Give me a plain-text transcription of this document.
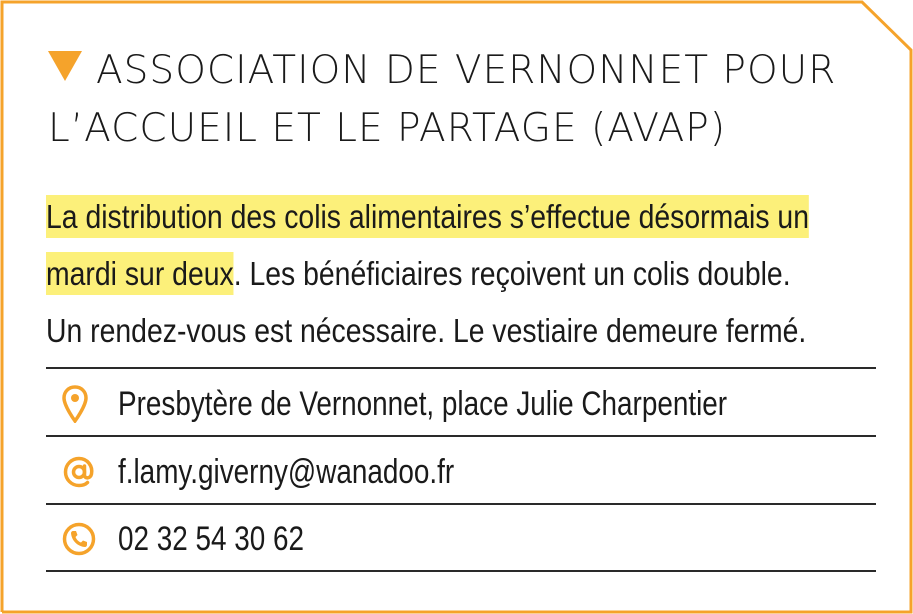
ASSOCIATION DE VERNONNET POUR
L’ACCUEIL ET LE PARTAGE (AVAP)

La distribution des colis alimentaires s’effectue désormais un
mardi sur deux. Les bénéficiaires reçoivent un colis double.
Un rendez-vous est nécessaire. Le vestiaire demeure fermé.

Presbytère de Vernonnet, place Julie Charpentier
f.lamy.giverny@wanadoo.fr
02 32 54 30 62
